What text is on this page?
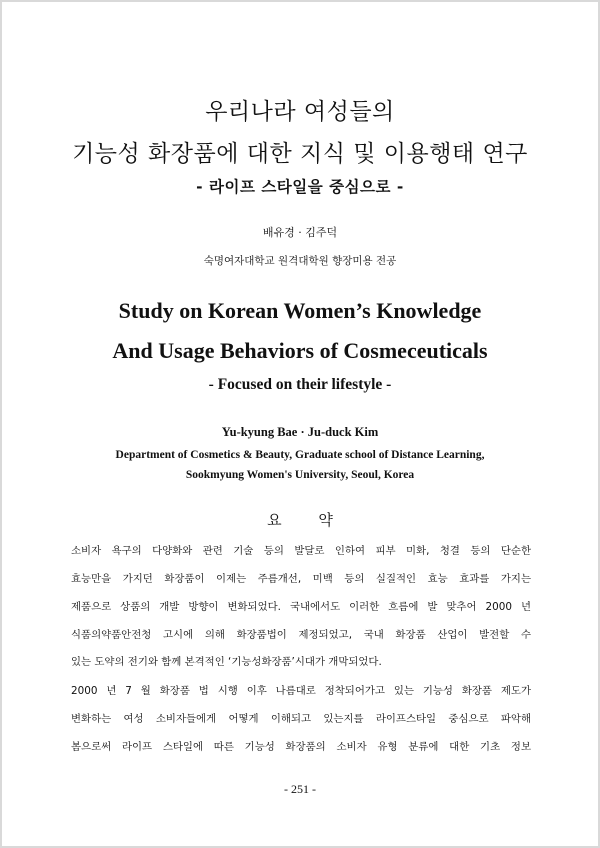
우리나라 여성들의
기능성 화장품에 대한 지식 및 이용행태 연구
- 라이프 스타일을 중심으로 -
배유경 · 김주덕
숙명여자대학교 원격대학원 향장미용 전공
Study on Korean Women’s Knowledge
And Usage Behaviors of Cosmeceuticals
- Focused on their lifestyle -
Yu-kyung Bae · Ju-duck Kim
Department of Cosmetics & Beauty, Graduate school of Distance Learning,
Sookmyung Women's University, Seoul, Korea
요 약
소비자 욕구의 다양화와 관련 기술 등의 발달로 인하여 피부 미화, 청결 등의 단순한
효능만을 가지던 화장품이 이제는 주름개선, 미백 등의 실질적인 효능 효과를 가지는
제품으로 상품의 개발 방향이 변화되었다. 국내에서도 이러한 흐름에 발 맞추어 2000 년
식품의약품안전청 고시에 의해 화장품법이 제정되었고, 국내 화장품 산업이 발전할 수
있는 도약의 전기와 함께 본격적인 ‘기능성화장품’시대가 개막되었다.
2000 년 7 월 화장품 법 시행 이후 나름대로 정착되어가고 있는 기능성 화장품 제도가
변화하는 여성 소비자들에게 어떻게 이해되고 있는지를 라이프스타일 중심으로 파악해
봄으로써 라이프 스타일에 따른 기능성 화장품의 소비자 유형 분류에 대한 기초 정보
- 251 -
